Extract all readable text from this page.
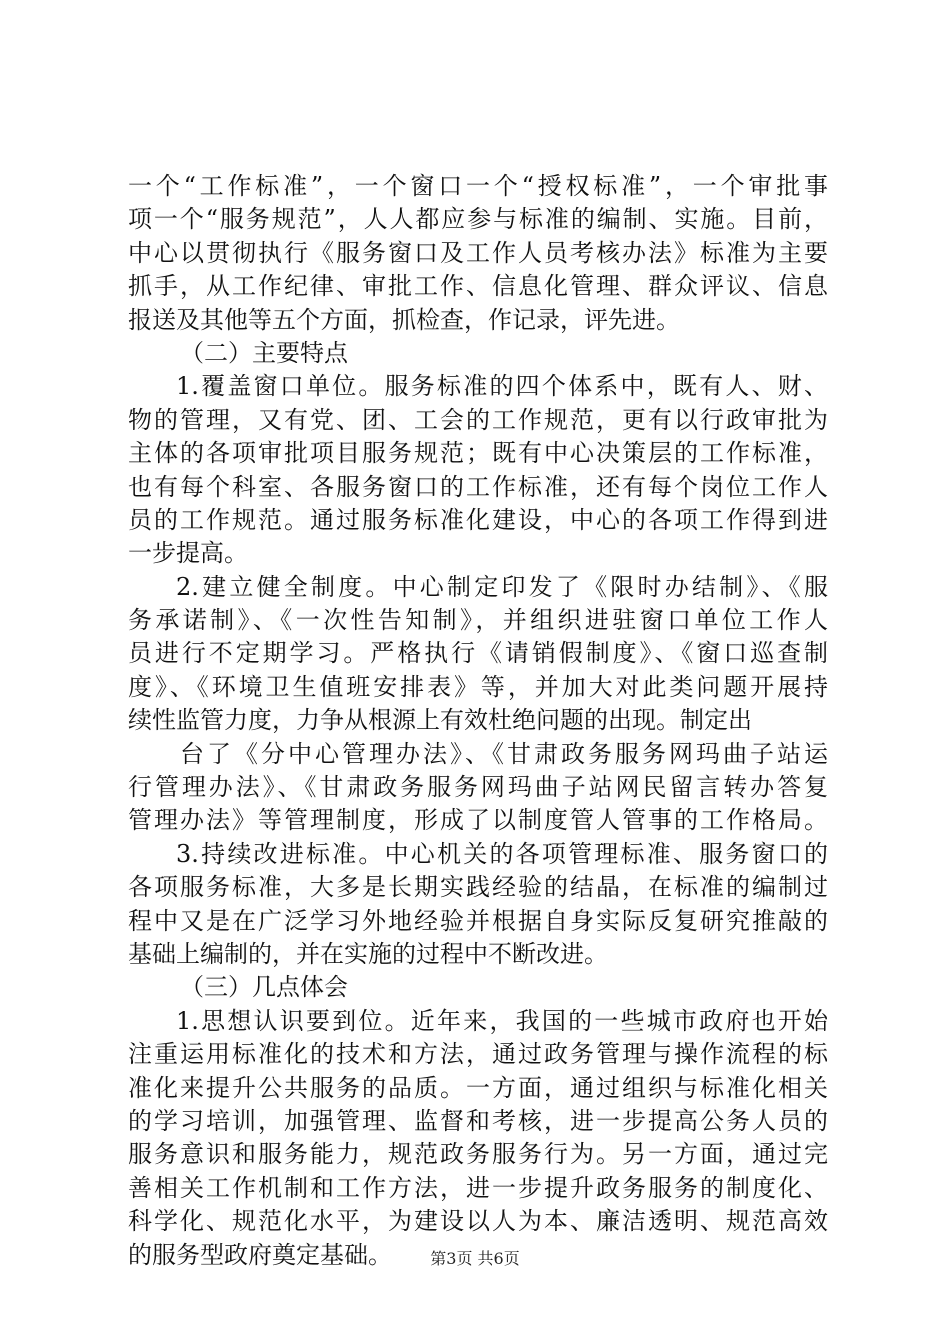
一个“工作标准”，一个窗口一个“授权标准”，一个审批事
项一个“服务规范”，人人都应参与标准的编制、实施。目前，
中心以贯彻执行《服务窗口及工作人员考核办法》标准为主要
抓手，从工作纪律、审批工作、信息化管理、群众评议、信息
报送及其他等五个方面，抓检查，作记录，评先进。
（二）主要特点
1.覆盖窗口单位。服务标准的四个体系中，既有人、财、
物的管理，又有党、团、工会的工作规范，更有以行政审批为
主体的各项审批项目服务规范；既有中心决策层的工作标准，
也有每个科室、各服务窗口的工作标准，还有每个岗位工作人
员的工作规范。通过服务标准化建设，中心的各项工作得到进
一步提高。
2.建立健全制度。中心制定印发了《限时办结制》、《服
务承诺制》、《一次性告知制》，并组织进驻窗口单位工作人
员进行不定期学习。严格执行《请销假制度》、《窗口巡查制
度》、《环境卫生值班安排表》等，并加大对此类问题开展持
续性监管力度，力争从根源上有效杜绝问题的出现。制定出
台了《分中心管理办法》、《甘肃政务服务网玛曲子站运
行管理办法》、《甘肃政务服务网玛曲子站网民留言转办答复
管理办法》等管理制度，形成了以制度管人管事的工作格局。
3.持续改进标准。中心机关的各项管理标准、服务窗口的
各项服务标准，大多是长期实践经验的结晶，在标准的编制过
程中又是在广泛学习外地经验并根据自身实际反复研究推敲的
基础上编制的，并在实施的过程中不断改进。
（三）几点体会
1.思想认识要到位。近年来，我国的一些城市政府也开始
注重运用标准化的技术和方法，通过政务管理与操作流程的标
准化来提升公共服务的品质。一方面，通过组织与标准化相关
的学习培训，加强管理、监督和考核，进一步提高公务人员的
服务意识和服务能力，规范政务服务行为。另一方面，通过完
善相关工作机制和工作方法，进一步提升政务服务的制度化、
科学化、规范化水平，为建设以人为本、廉洁透明、规范高效
的服务型政府奠定基础。	第3页 共6页
